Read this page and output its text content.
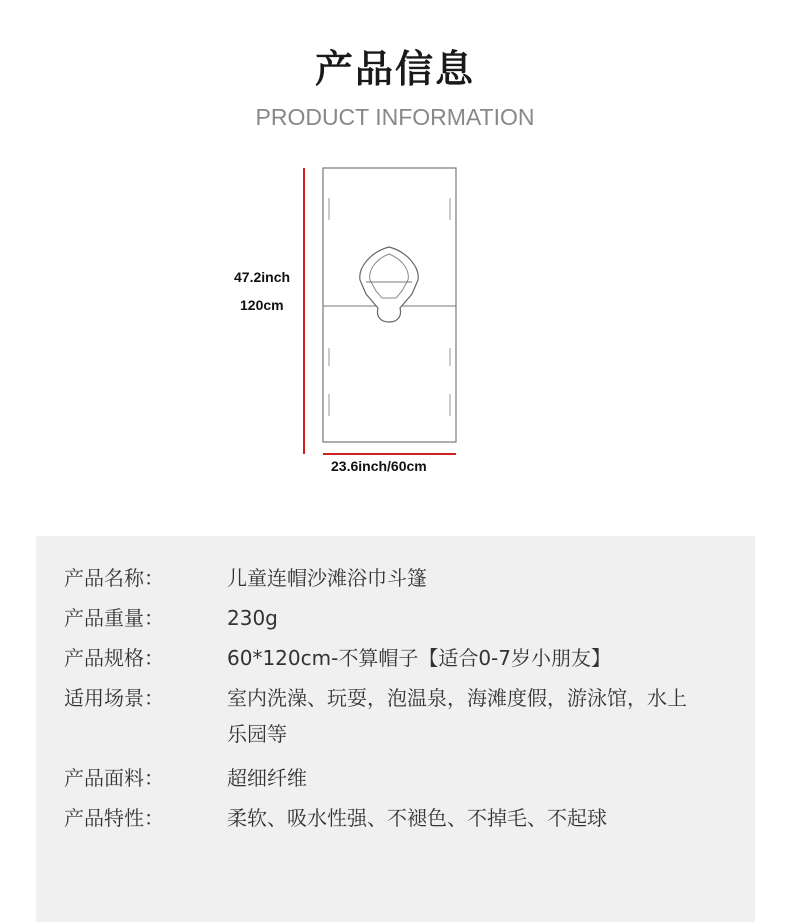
产品信息
PRODUCT INFORMATION
47.2inch
120cm
23.6inch/60cm
产品名称：	儿童连帽沙滩浴巾斗篷
产品重量：	230g
产品规格：	60*120cm-不算帽子【适合0-7岁小朋友】
适用场景：	室内洗澡、玩耍，泡温泉，海滩度假，游泳馆，水上乐园等
产品面料：	超细纤维
产品特性：	柔软、吸水性强、不褪色、不掉毛、不起球
